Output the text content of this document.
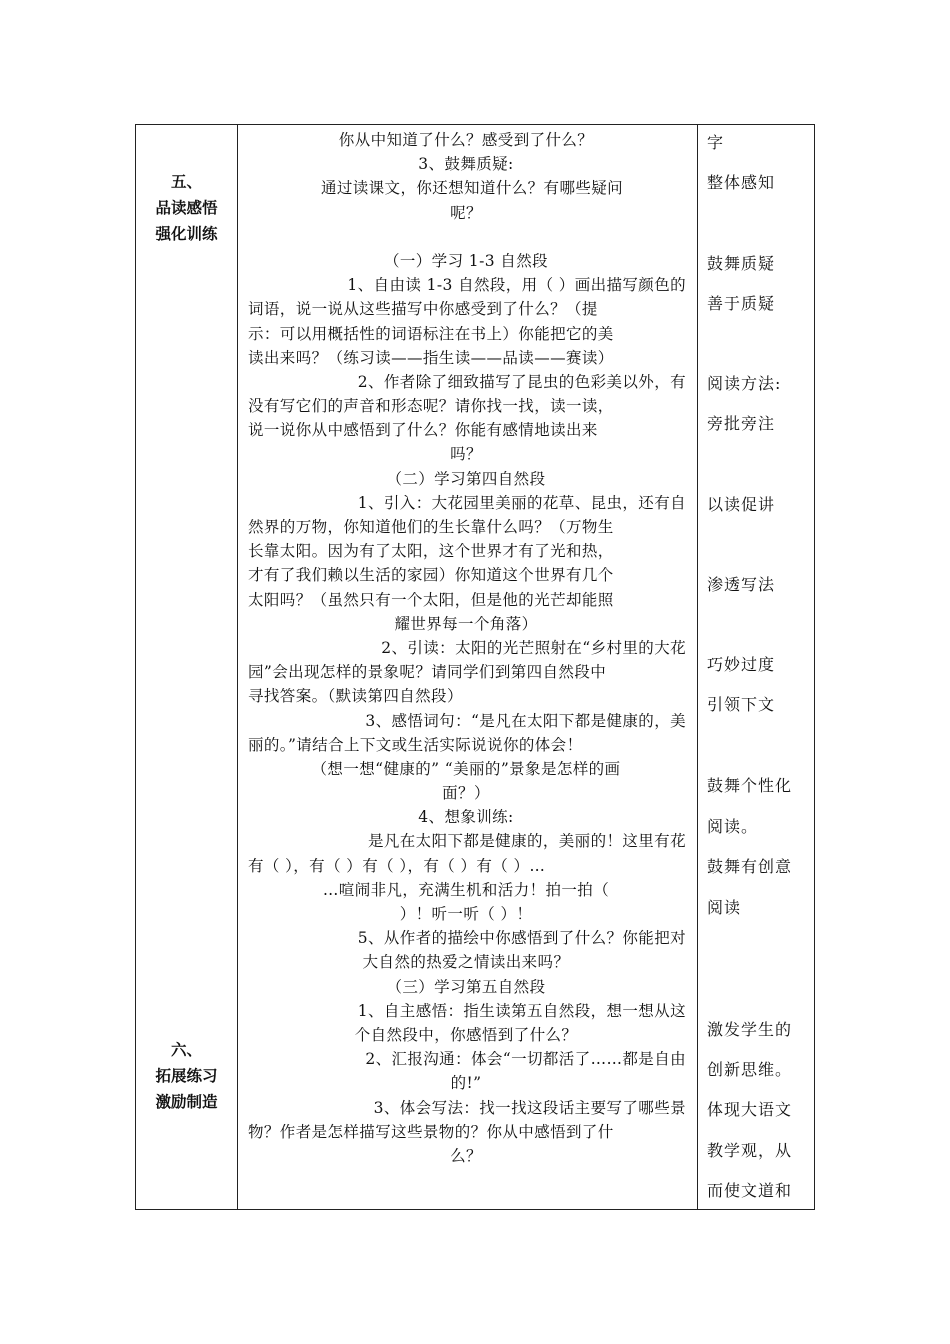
五、
品读感悟
强化训练
六、
拓展练习
激励制造
你从中知道了什么？感受到了什么？
3、鼓舞质疑:
通过读课文，你还想知道什么？有哪些疑问
呢？
（一）学习 1-3 自然段
1、自由读 1-3 自然段，用（ ）画出描写颜色的
词语，说一说从这些描写中你感受到了什么？（提
示：可以用概括性的词语标注在书上）你能把它的美
读出来吗？（练习读——指生读——品读——赛读）
2、作者除了细致描写了昆虫的色彩美以外，有
没有写它们的声音和形态呢？请你找一找，读一读，
说一说你从中感悟到了什么？你能有感情地读出来
吗？
（二）学习第四自然段
1、引入：大花园里美丽的花草、昆虫，还有自
然界的万物，你知道他们的生长靠什么吗？（万物生
长靠太阳。因为有了太阳，这个世界才有了光和热，
才有了我们赖以生活的家园）你知道这个世界有几个
太阳吗？（虽然只有一个太阳，但是他的光芒却能照
耀世界每一个角落）
2、引读：太阳的光芒照射在“乡村里的大花
园”会出现怎样的景象呢？请同学们到第四自然段中
寻找答案。（默读第四自然段）
3、感悟词句：“是凡在太阳下都是健康的，美
丽的。”请结合上下文或生活实际说说你的体会！
（想一想“健康的” “美丽的”景象是怎样的画
面？）
4、想象训练:
是凡在太阳下都是健康的，美丽的！这里有花
有（ ），有（ ）有（ ），有（ ）有（ ）…
…喧闹非凡，充满生机和活力！拍一拍（
）！听一听（ ）！
5、从作者的描绘中你感悟到了什么？你能把对
大自然的热爱之情读出来吗？
（三）学习第五自然段
1、自主感悟：指生读第五自然段，想一想从这
个自然段中，你感悟到了什么？
2、汇报沟通：体会“一切都活了……都是自由
的!”
3、体会写法：找一找这段话主要写了哪些景
物？作者是怎样描写这些景物的？你从中感悟到了什
么？
字
整体感知
鼓舞质疑
善于质疑
阅读方法:
旁批旁注
以读促讲
渗透写法
巧妙过度
引领下文
鼓舞个性化
阅读。
鼓舞有创意
阅读
激发学生的
创新思维。
体现大语文
教学观，从
而使文道和
